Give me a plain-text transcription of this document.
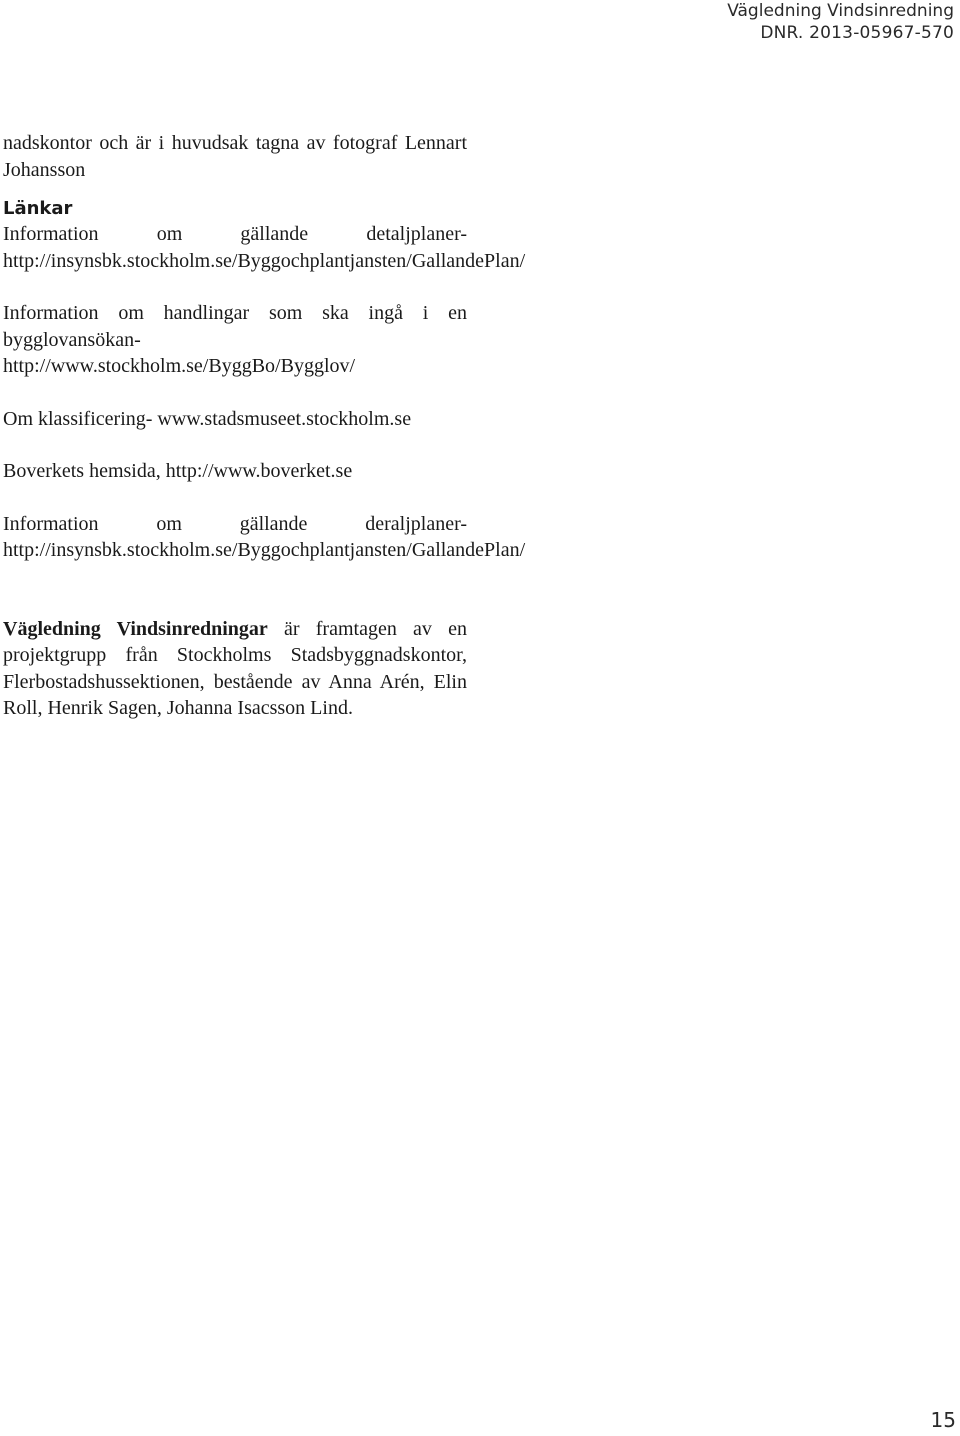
Vägledning Vindsinredning
DNR. 2013-05967-570

nadskontor och är i huvudsak tagna av fotograf Lennart Johansson

Länkar

Information om gällande detaljplaner- http://insynsbk.stockholm.se/Byggochplantjansten/GallandePlan/

Information om handlingar som ska ingå i en bygglovansökan- http://www.stockholm.se/ByggBo/Bygglov/

Om klassificering- www.stadsmuseet.stockholm.se

Boverkets hemsida, http://www.boverket.se

Information om gällande deraljplaner- http://insynsbk.stockholm.se/Byggochplantjansten/GallandePlan/

Vägledning Vindsinredningar är framtagen av en projektgrupp från Stockholms Stadsbyggnadskontor, Flerbostadshussektionen, bestående av Anna Arén, Elin Roll, Henrik Sagen, Johanna Isacsson Lind.

15
